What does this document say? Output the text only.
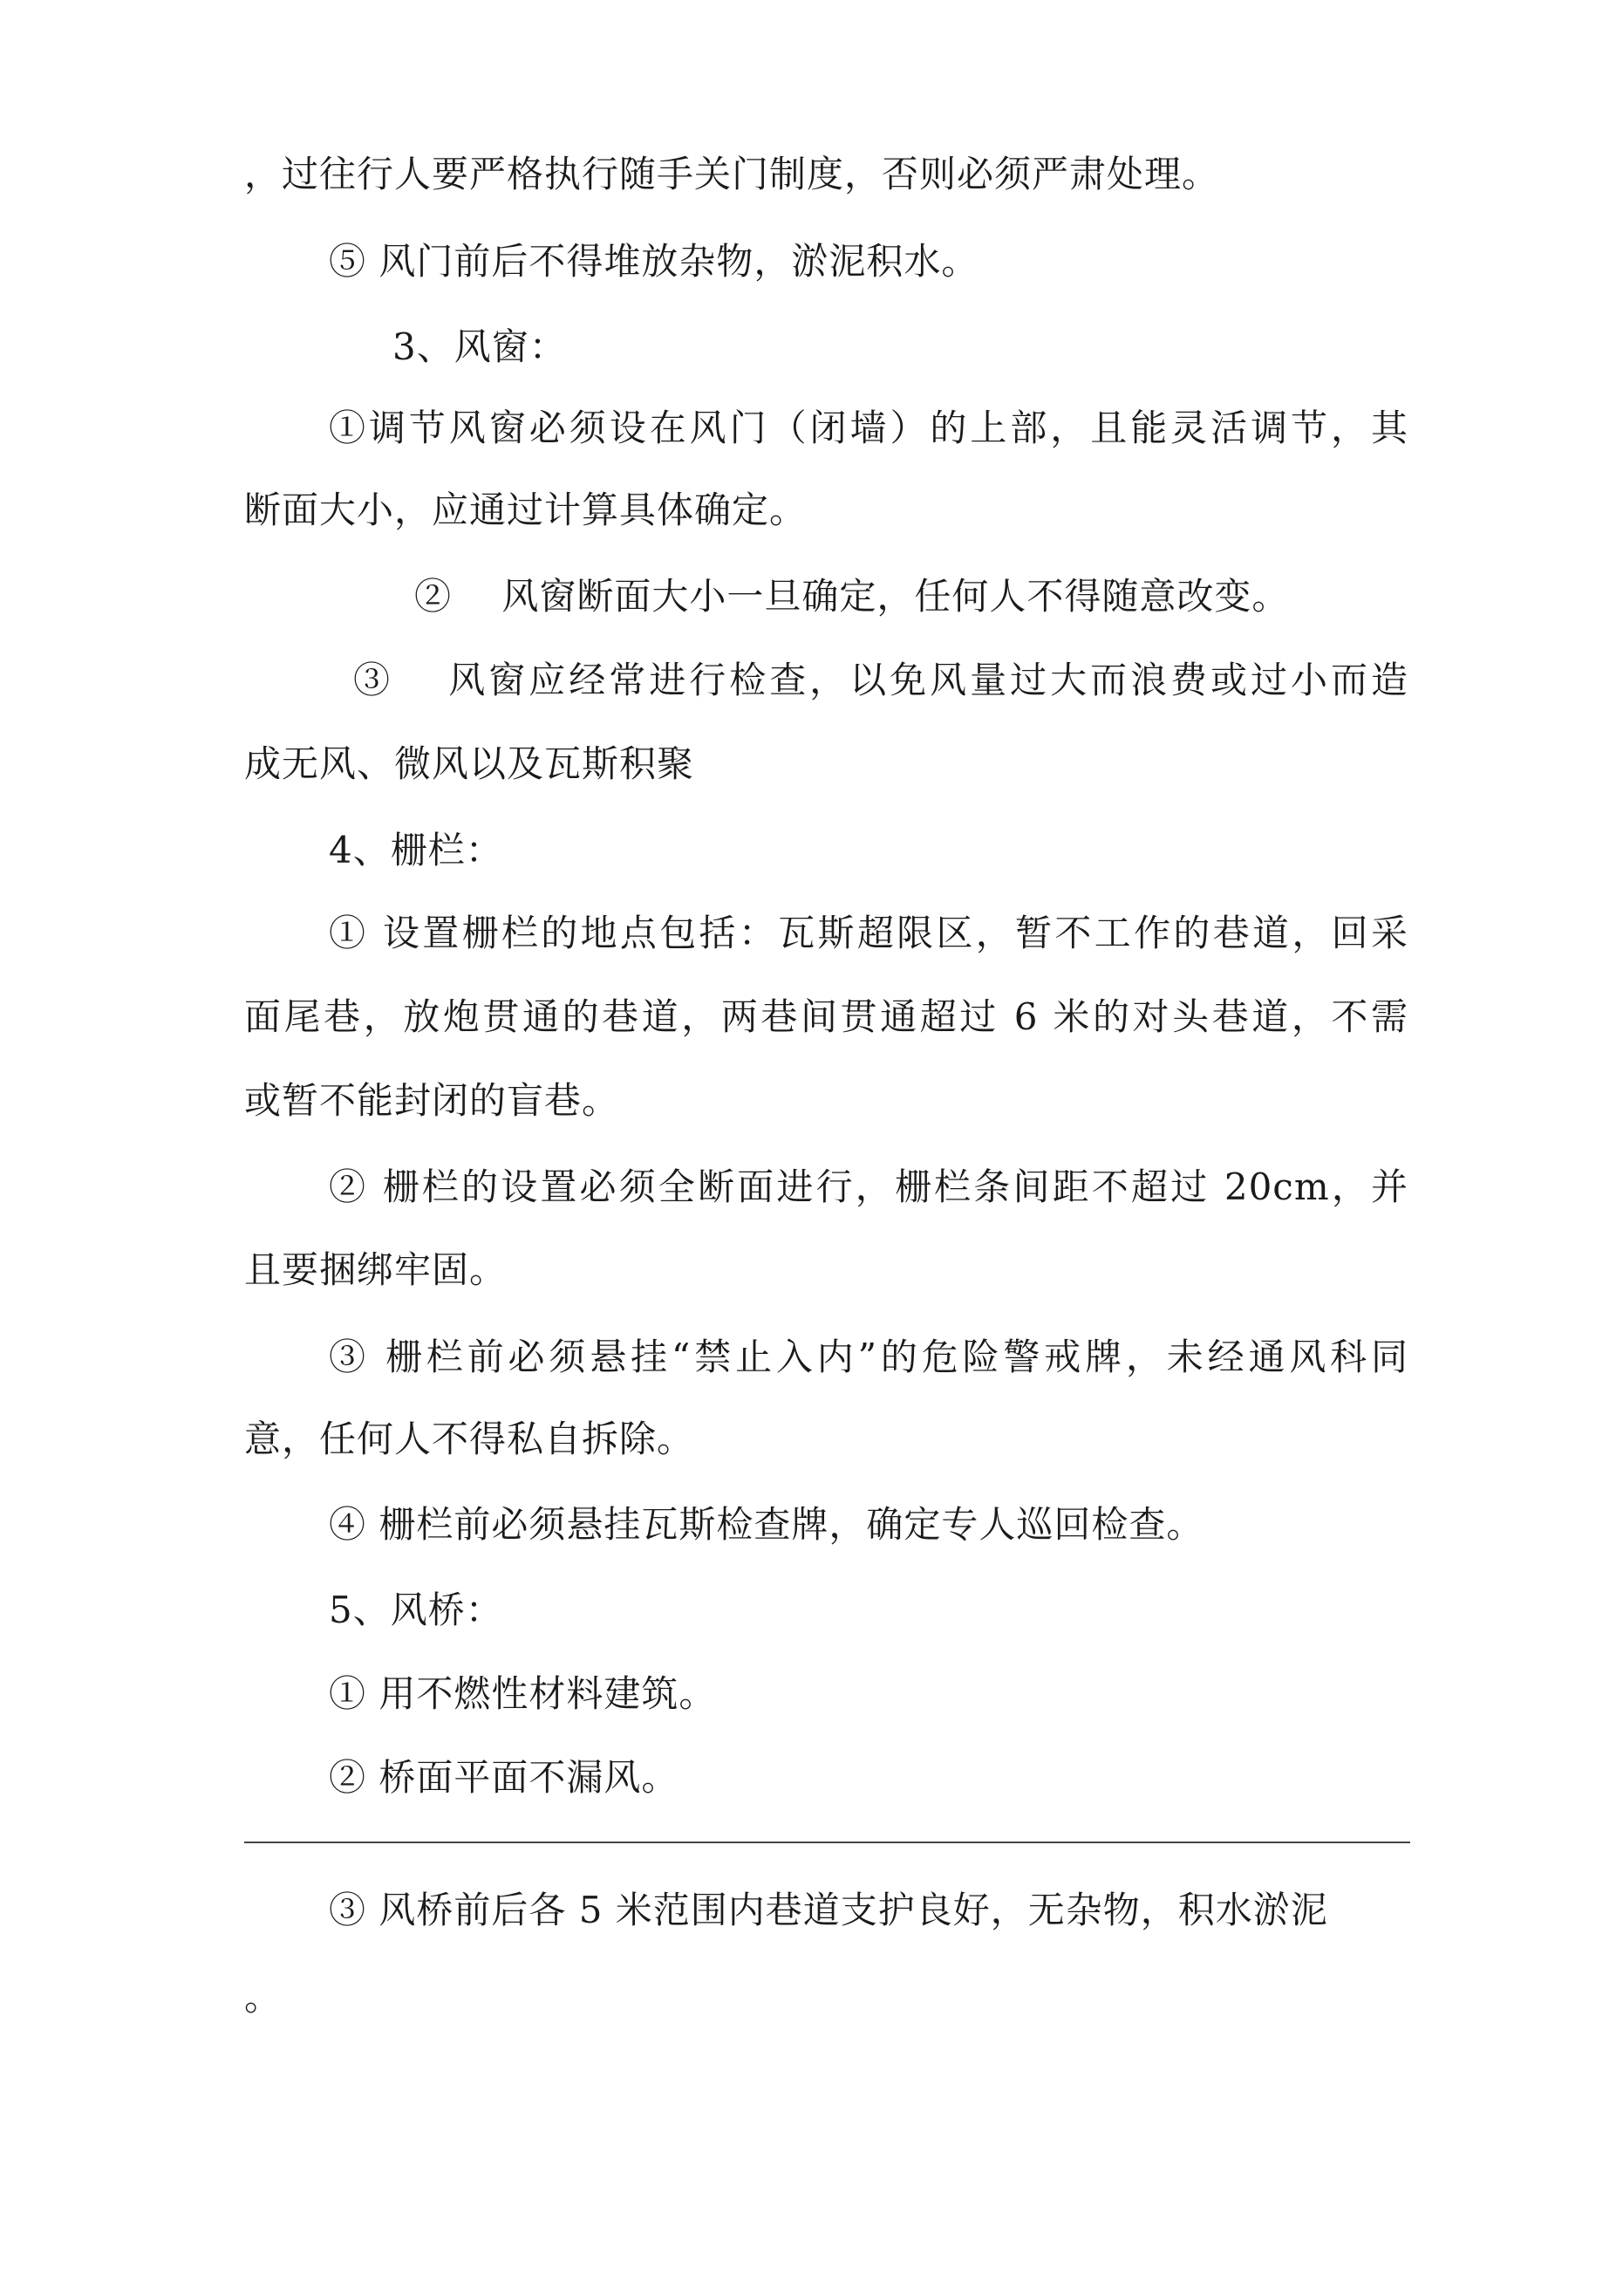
，过往行人要严格执行随手关门制度，否则必须严肃处理。
⑤ 风门前后不得堆放杂物，淤泥积水。
3、风窗：
①调节风窗必须设在风门（闭墙）的上部，且能灵活调节，其
断面大小，应通过计算具体确定。
②　 风窗断面大小一旦确定，任何人不得随意改变。
③　 风窗应经常进行检查，以免风量过大而浪费或过小而造
成无风、微风以及瓦斯积聚
4、栅栏：
① 设置栅栏的地点包括：瓦斯超限区，暂不工作的巷道，回采
面尾巷，放炮贯通的巷道，两巷间贯通超过 6 米的对头巷道，不需
或暂不能封闭的盲巷。
② 栅栏的设置必须全断面进行，栅栏条间距不超过 20cm，并
且要捆绑牢固。
③ 栅栏前必须悬挂“禁止入内”的危险警戒牌，未经通风科同
意，任何人不得私自拆除。
④ 栅栏前必须悬挂瓦斯检查牌，确定专人巡回检查。
5、风桥：
① 用不燃性材料建筑。
② 桥面平面不漏风。
③ 风桥前后各 5 米范围内巷道支护良好，无杂物，积水淤泥
。
